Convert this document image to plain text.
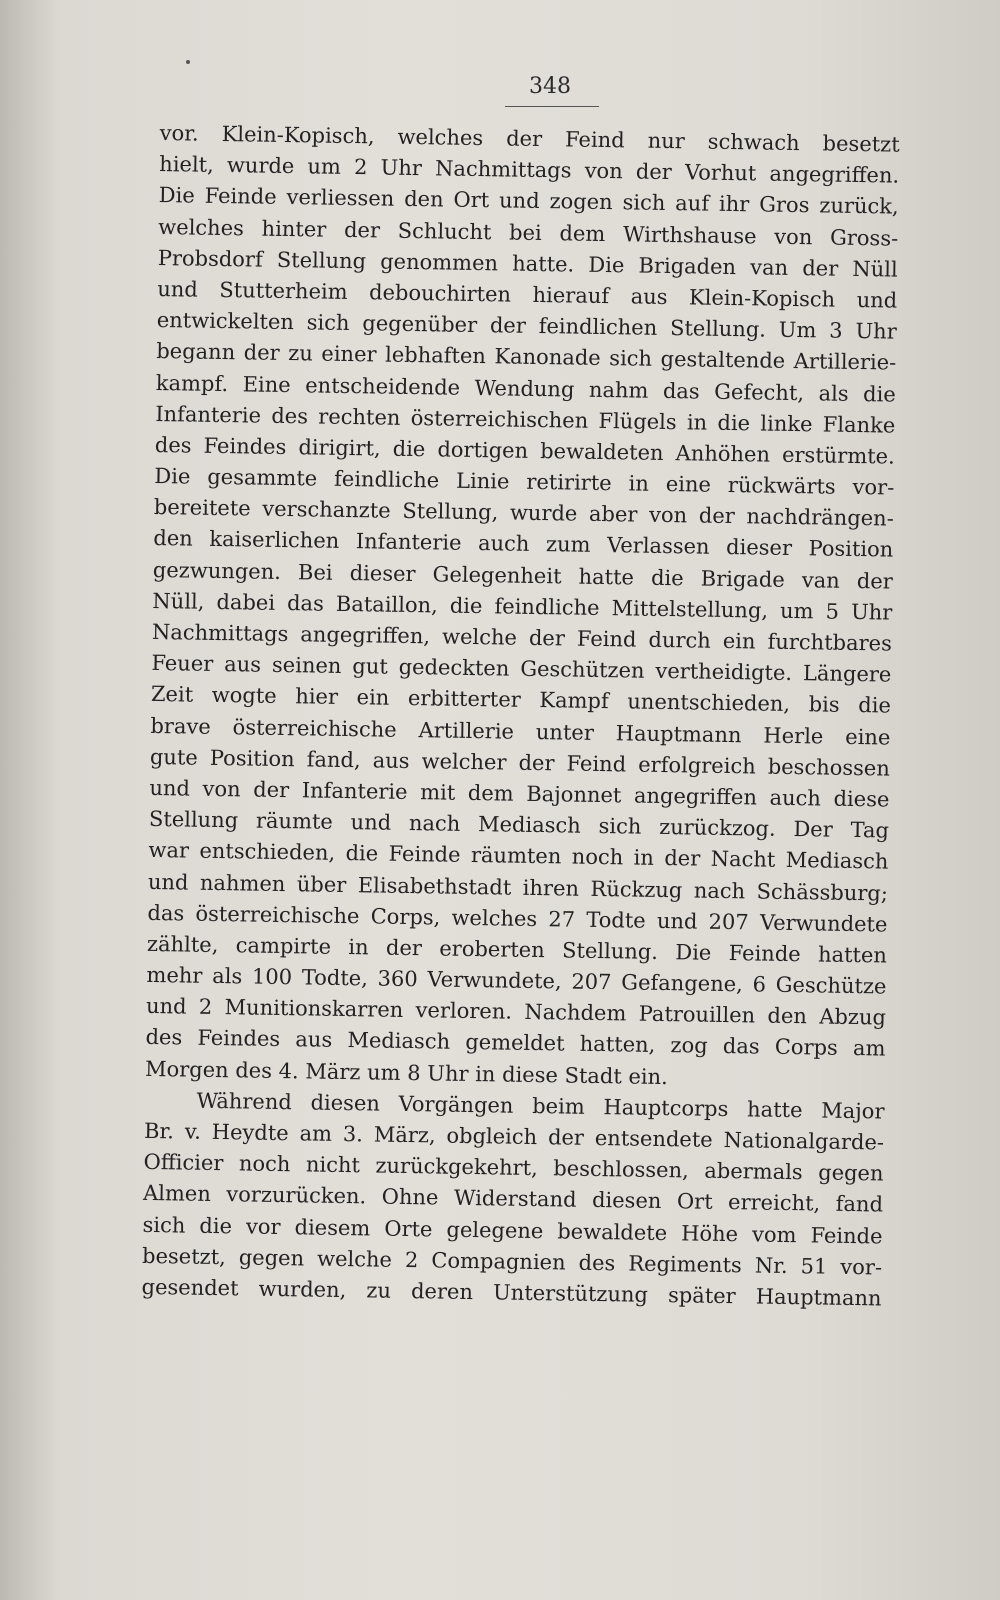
348
vor. Klein-Kopisch, welches der Feind nur schwach besetzt
hielt, wurde um 2 Uhr Nachmittags von der Vorhut angegriffen.
Die Feinde verliessen den Ort und zogen sich auf ihr Gros zurück,
welches hinter der Schlucht bei dem Wirthshause von Gross-
Probsdorf Stellung genommen hatte. Die Brigaden van der Nüll
und Stutterheim debouchirten hierauf aus Klein-Kopisch und
entwickelten sich gegenüber der feindlichen Stellung. Um 3 Uhr
begann der zu einer lebhaften Kanonade sich gestaltende Artillerie-
kampf. Eine entscheidende Wendung nahm das Gefecht, als die
Infanterie des rechten österreichischen Flügels in die linke Flanke
des Feindes dirigirt, die dortigen bewaldeten Anhöhen erstürmte.
Die gesammte feindliche Linie retirirte in eine rückwärts vor-
bereitete verschanzte Stellung, wurde aber von der nachdrängen-
den kaiserlichen Infanterie auch zum Verlassen dieser Position
gezwungen. Bei dieser Gelegenheit hatte die Brigade van der
Nüll, dabei das Bataillon, die feindliche Mittelstellung, um 5 Uhr
Nachmittags angegriffen, welche der Feind durch ein furchtbares
Feuer aus seinen gut gedeckten Geschützen vertheidigte. Längere
Zeit wogte hier ein erbitterter Kampf unentschieden, bis die
brave österreichische Artillerie unter Hauptmann Herle eine
gute Position fand, aus welcher der Feind erfolgreich beschossen
und von der Infanterie mit dem Bajonnet angegriffen auch diese
Stellung räumte und nach Mediasch sich zurückzog. Der Tag
war entschieden, die Feinde räumten noch in der Nacht Mediasch
und nahmen über Elisabethstadt ihren Rückzug nach Schässburg;
das österreichische Corps, welches 27 Todte und 207 Verwundete
zählte, campirte in der eroberten Stellung. Die Feinde hatten
mehr als 100 Todte, 360 Verwundete, 207 Gefangene, 6 Geschütze
und 2 Munitionskarren verloren. Nachdem Patrouillen den Abzug
des Feindes aus Mediasch gemeldet hatten, zog das Corps am
Morgen des 4. März um 8 Uhr in diese Stadt ein.
Während diesen Vorgängen beim Hauptcorps hatte Major
Br. v. Heydte am 3. März, obgleich der entsendete Nationalgarde-
Officier noch nicht zurückgekehrt, beschlossen, abermals gegen
Almen vorzurücken. Ohne Widerstand diesen Ort erreicht, fand
sich die vor diesem Orte gelegene bewaldete Höhe vom Feinde
besetzt, gegen welche 2 Compagnien des Regiments Nr. 51 vor-
gesendet wurden, zu deren Unterstützung später Hauptmann
